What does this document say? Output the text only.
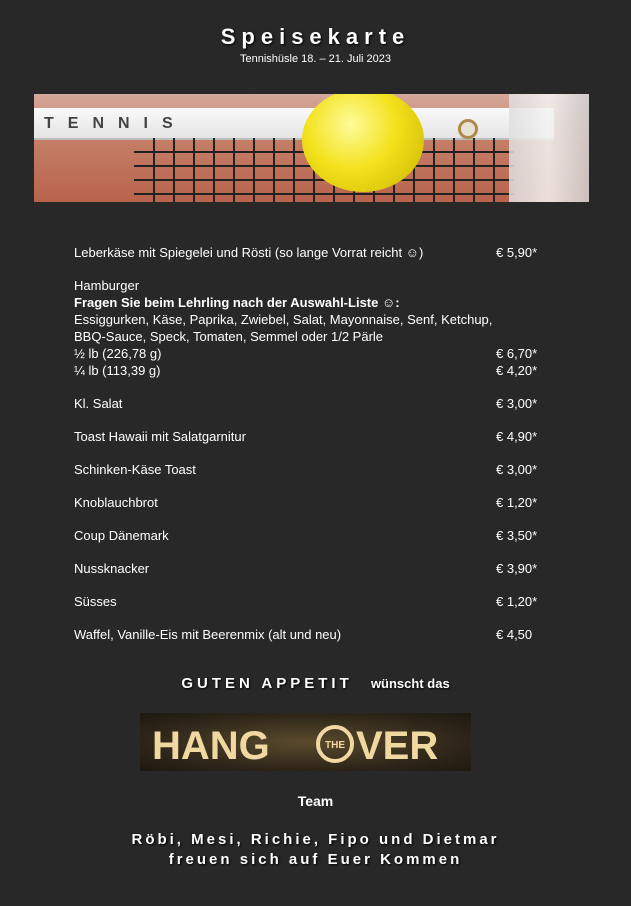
Speisekarte
Tennishüsle 18. – 21. Juli 2023
TENNIS
Leberkäse mit Spiegelei und Rösti (so lange Vorrat reicht ☺)	€ 5,90*
Hamburger
Fragen Sie beim Lehrling nach der Auswahl-Liste ☺:
Essiggurken, Käse, Paprika, Zwiebel, Salat, Mayonnaise, Senf, Ketchup,
BBQ-Sauce, Speck, Tomaten, Semmel oder 1/2 Pärle
½ lb (226,78 g)	€ 6,70*
¼ lb (113,39 g)	€ 4,20*
Kl. Salat	€ 3,00*
Toast Hawaii mit Salatgarnitur	€ 4,90*
Schinken-Käse Toast	€ 3,00*
Knoblauchbrot	€ 1,20*
Coup Dänemark	€ 3,50*
Nussknacker	€ 3,90*
Süsses	€ 1,20*
Waffel, Vanille-Eis mit Beerenmix (alt und neu)	€ 4,50
GUTEN APPETIT wünscht das
HANG	THE VER
Team
Röbi, Mesi, Richie, Fipo und Dietmar
freuen sich auf Euer Kommen
